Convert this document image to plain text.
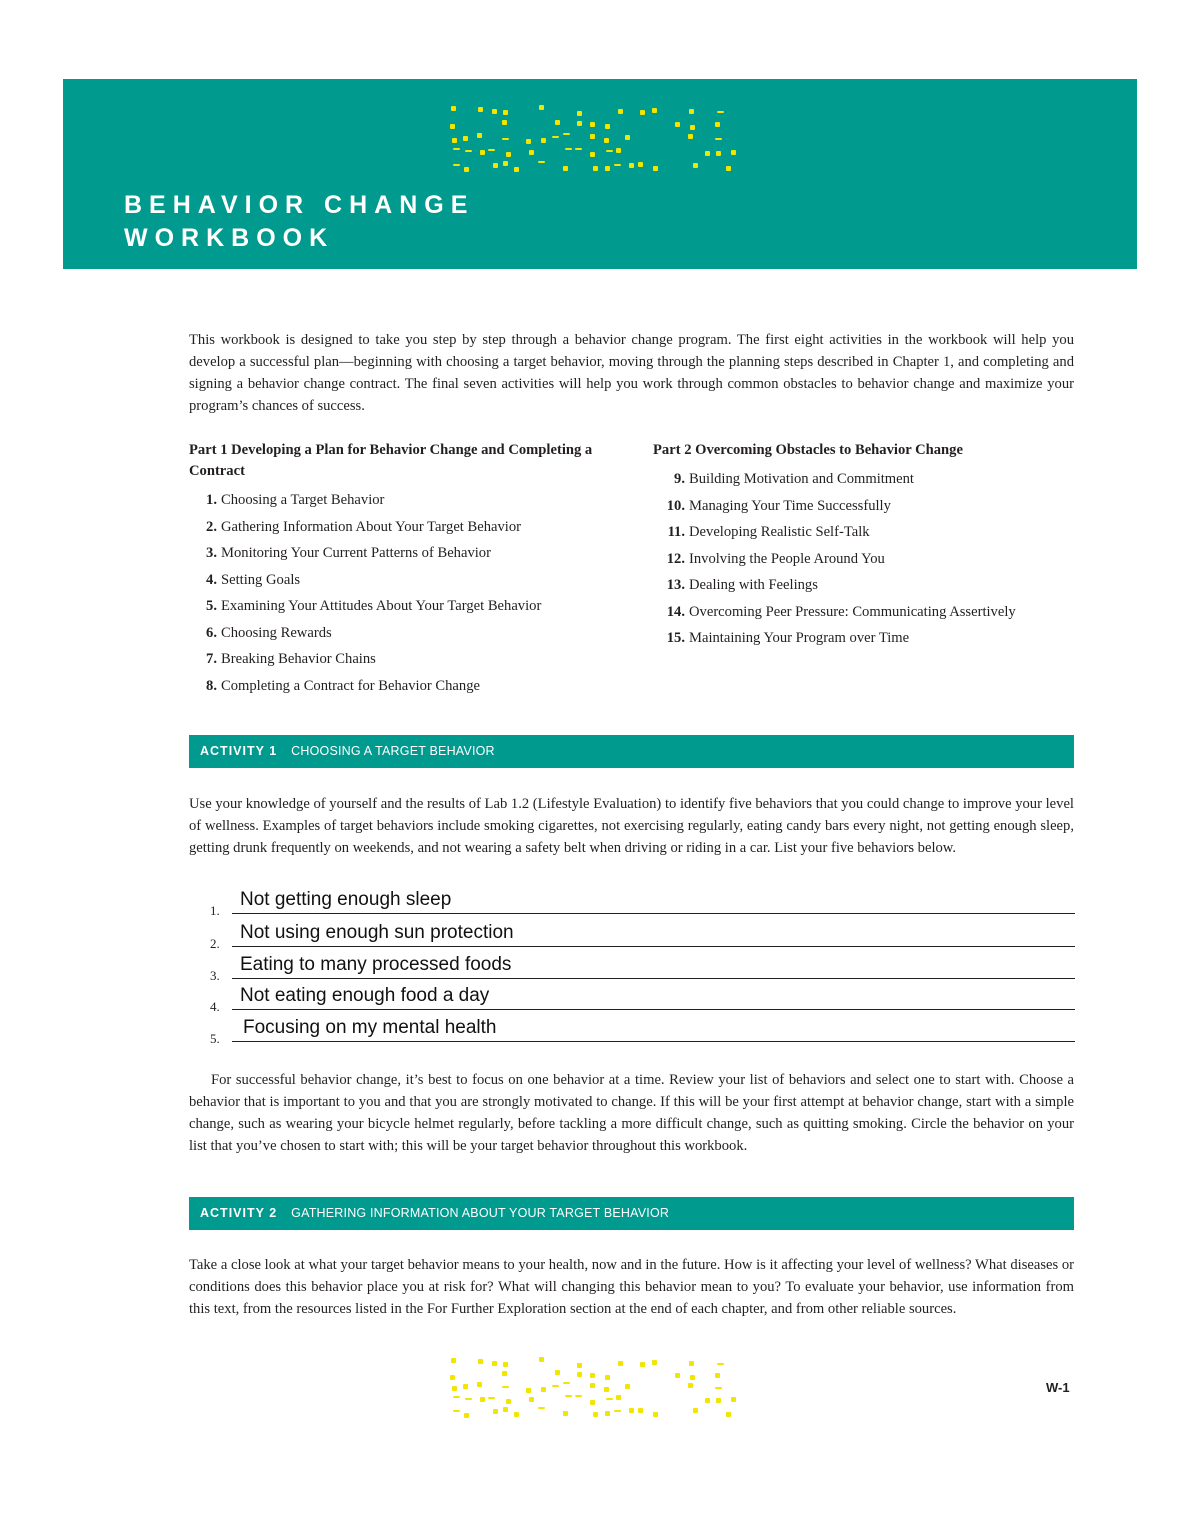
BEHAVIOR CHANGE
WORKBOOK

This workbook is designed to take you step by step through a behavior change program. The first eight activities in the workbook will help you develop a successful plan—beginning with choosing a target behavior, moving through the planning steps described in Chapter 1, and completing and signing a behavior change contract. The final seven activities will help you work through common obstacles to behavior change and maximize your program’s chances of success.

Part 1 Developing a Plan for Behavior Change and Completing a Contract

1. Choosing a Target Behavior
2. Gathering Information About Your Target Behavior
3. Monitoring Your Current Patterns of Behavior
4. Setting Goals
5. Examining Your Attitudes About Your Target Behavior
6. Choosing Rewards
7. Breaking Behavior Chains
8. Completing a Contract for Behavior Change

Part 2 Overcoming Obstacles to Behavior Change

9. Building Motivation and Commitment
10. Managing Your Time Successfully
11. Developing Realistic Self-Talk
12. Involving the People Around You
13. Dealing with Feelings
14. Overcoming Peer Pressure: Communicating Assertively
15. Maintaining Your Program over Time
ACTIVITY 1 CHOOSING A TARGET BEHAVIOR

Use your knowledge of yourself and the results of Lab 1.2 (Lifestyle Evaluation) to identify five behaviors that you could change to improve your level of wellness. Examples of target behaviors include smoking cigarettes, not exercising regularly, eating candy bars every night, not getting enough sleep, getting drunk frequently on weekends, and not wearing a safety belt when driving or riding in a car. List your five behaviors below.

1.
Not getting enough sleep
2.
Not using enough sun protection
3.
Eating to many processed foods
4.
Not eating enough food a day
5.
Focusing on my mental health

For successful behavior change, it’s best to focus on one behavior at a time. Review your list of behaviors and select one to start with. Choose a behavior that is important to you and that you are strongly motivated to change. If this will be your first attempt at behavior change, start with a simple change, such as wearing your bicycle helmet regularly, before tackling a more difficult change, such as quitting smoking. Circle the behavior on your list that you’ve chosen to start with; this will be your target behavior throughout this workbook.

ACTIVITY 2 GATHERING INFORMATION ABOUT YOUR TARGET BEHAVIOR

Take a close look at what your target behavior means to your health, now and in the future. How is it affecting your level of wellness? What diseases or conditions does this behavior place you at risk for? What will changing this behavior mean to you? To evaluate your behavior, use information from this text, from the resources listed in the For Further Exploration section at the end of each chapter, and from other reliable sources.

W-1
